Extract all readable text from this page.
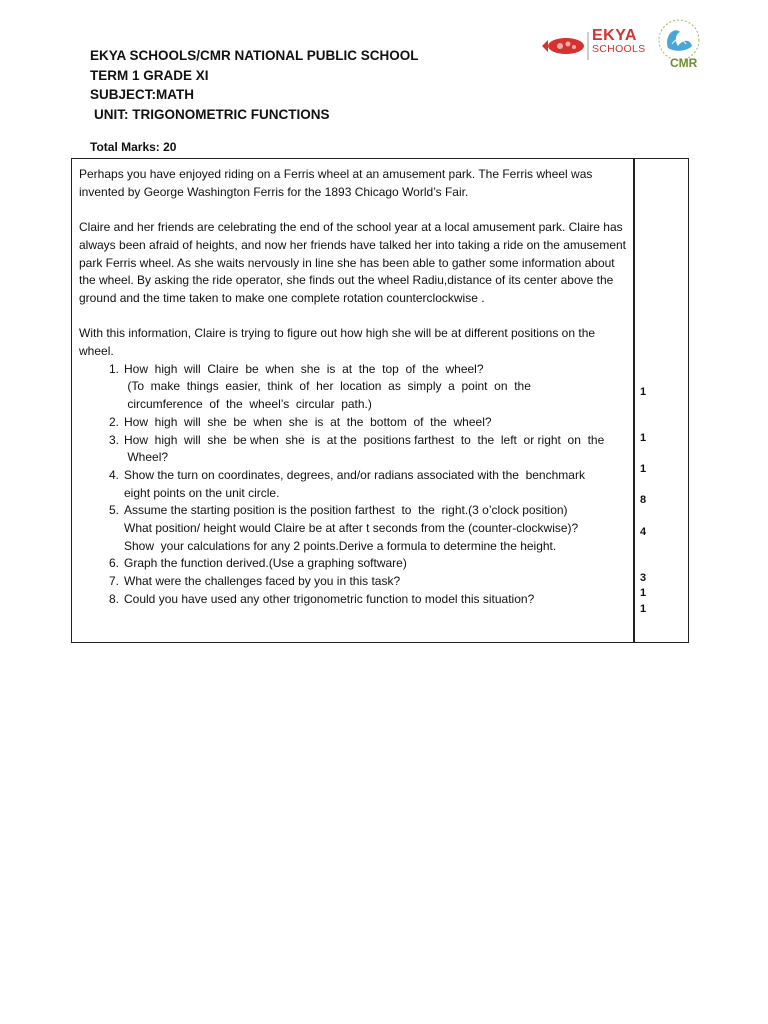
EKYA SCHOOLS/CMR NATIONAL PUBLIC SCHOOL
TERM 1 GRADE XI
SUBJECT:MATH
UNIT: TRIGONOMETRIC FUNCTIONS
EKYA
SCHOOLS
CMR
Total Marks: 20

Perhaps you have enjoyed riding on a Ferris wheel at an amusement park. The Ferris wheel was invented by George Washington Ferris for the 1893 Chicago World’s Fair.

Claire and her friends are celebrating the end of the school year at a local amusement park. Claire has always been afraid of heights, and now her friends have talked her into taking a ride on the amusement park Ferris wheel. As she waits nervously in line she has been able to gather some information about the wheel. By asking the ride operator, she finds out the wheel Radiu,distance of its center above the ground and the time taken to make one complete rotation counterclockwise .

With this information, Claire is trying to figure out how high she will be at different positions on the wheel.

1. How  high  will  Claire  be  when  she  is  at  the  top  of  the  wheel?
(To  make  things  easier,  think  of  her  location  as  simply  a  point  on  the
circumference  of  the  wheel’s  circular  path.)
2. How  high  will  she  be  when  she  is  at  the  bottom  of  the  wheel?
3. How  high  will  she  be when  she  is  at the  positions farthest  to  the  left  or right  on  the
Wheel?
4. Show the turn on coordinates, degrees, and/or radians associated with the  benchmark
eight points on the unit circle.
5. Assume the starting position is the position farthest  to  the  right.(3 o’clock position)
What position/ height would Claire be at after t seconds from the (counter-clockwise)?
Show  your calculations for any 2 points.Derive a formula to determine the height.
6. Graph the function derived.(Use a graphing software)
7. What were the challenges faced by you in this task?
8. Could you have used any other trigonometric function to model this situation?
1
1
1
8
4
3
1
1
